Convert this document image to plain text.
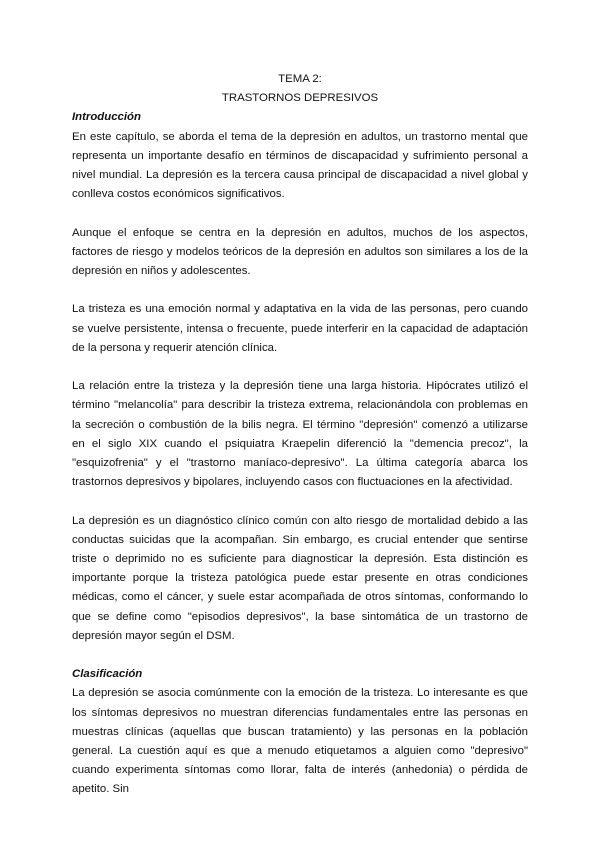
TEMA 2:

TRASTORNOS DEPRESIVOS

Introducción

En este capítulo, se aborda el tema de la depresión en adultos, un trastorno mental que representa un importante desafío en términos de discapacidad y sufrimiento personal a nivel mundial. La depresión es la tercera causa principal de discapacidad a nivel global y conlleva costos económicos significativos.

Aunque el enfoque se centra en la depresión en adultos, muchos de los aspectos, factores de riesgo y modelos teóricos de la depresión en adultos son similares a los de la depresión en niños y adolescentes.

La tristeza es una emoción normal y adaptativa en la vida de las personas, pero cuando se vuelve persistente, intensa o frecuente, puede interferir en la capacidad de adaptación de la persona y requerir atención clínica.

La relación entre la tristeza y la depresión tiene una larga historia. Hipócrates utilizó el término "melancolía" para describir la tristeza extrema, relacionándola con problemas en la secreción o combustión de la bilis negra. El término "depresión" comenzó a utilizarse en el siglo XIX cuando el psiquiatra Kraepelin diferenció la "demencia precoz", la "esquizofrenia" y el "trastorno maníaco-depresivo". La última categoría abarca los trastornos depresivos y bipolares, incluyendo casos con fluctuaciones en la afectividad.

La depresión es un diagnóstico clínico común con alto riesgo de mortalidad debido a las conductas suicidas que la acompañan. Sin embargo, es crucial entender que sentirse triste o deprimido no es suficiente para diagnosticar la depresión. Esta distinción es importante porque la tristeza patológica puede estar presente en otras condiciones médicas, como el cáncer, y suele estar acompañada de otros síntomas, conformando lo que se define como "episodios depresivos", la base sintomática de un trastorno de depresión mayor según el DSM.

Clasificación

La depresión se asocia comúnmente con la emoción de la tristeza. Lo interesante es que los síntomas depresivos no muestran diferencias fundamentales entre las personas en muestras clínicas (aquellas que buscan tratamiento) y las personas en la población general. La cuestión aquí es que a menudo etiquetamos a alguien como "depresivo" cuando experimenta síntomas como llorar, falta de interés (anhedonia) o pérdida de apetito. Sin
